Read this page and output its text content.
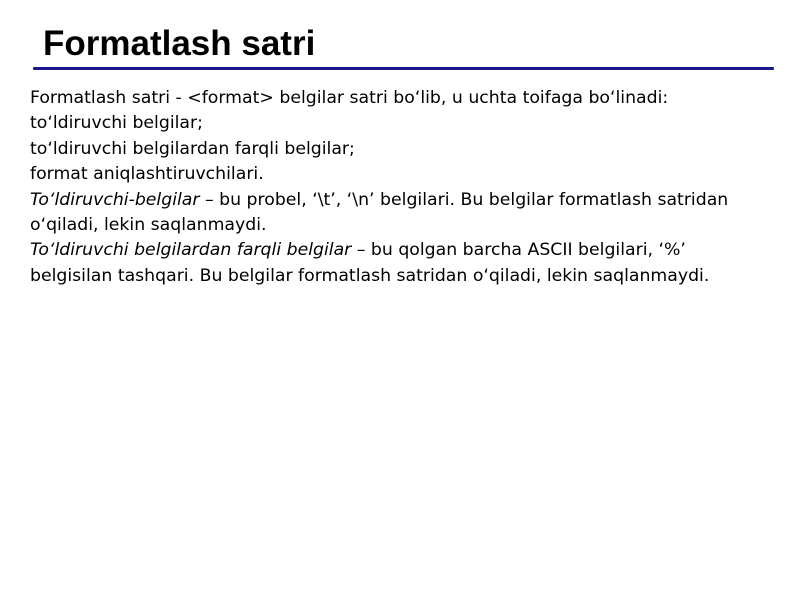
Formatlash satri
Formatlash satri - <format> belgilar satri bo‘lib, u uchta toifaga bo‘linadi:
to‘ldiruvchi belgilar;
to‘ldiruvchi belgilardan farqli belgilar;
format aniqlashtiruvchilari.
To‘ldiruvchi-belgilar – bu probel, ‘\t’, ‘\n’ belgilari. Bu belgilar formatlash satridan
o‘qiladi, lekin saqlanmaydi.
To‘ldiruvchi belgilardan farqli belgilar – bu qolgan barcha ASCII belgilari, ‘%’
belgisilan tashqari. Bu belgilar formatlash satridan o‘qiladi, lekin saqlanmaydi.
